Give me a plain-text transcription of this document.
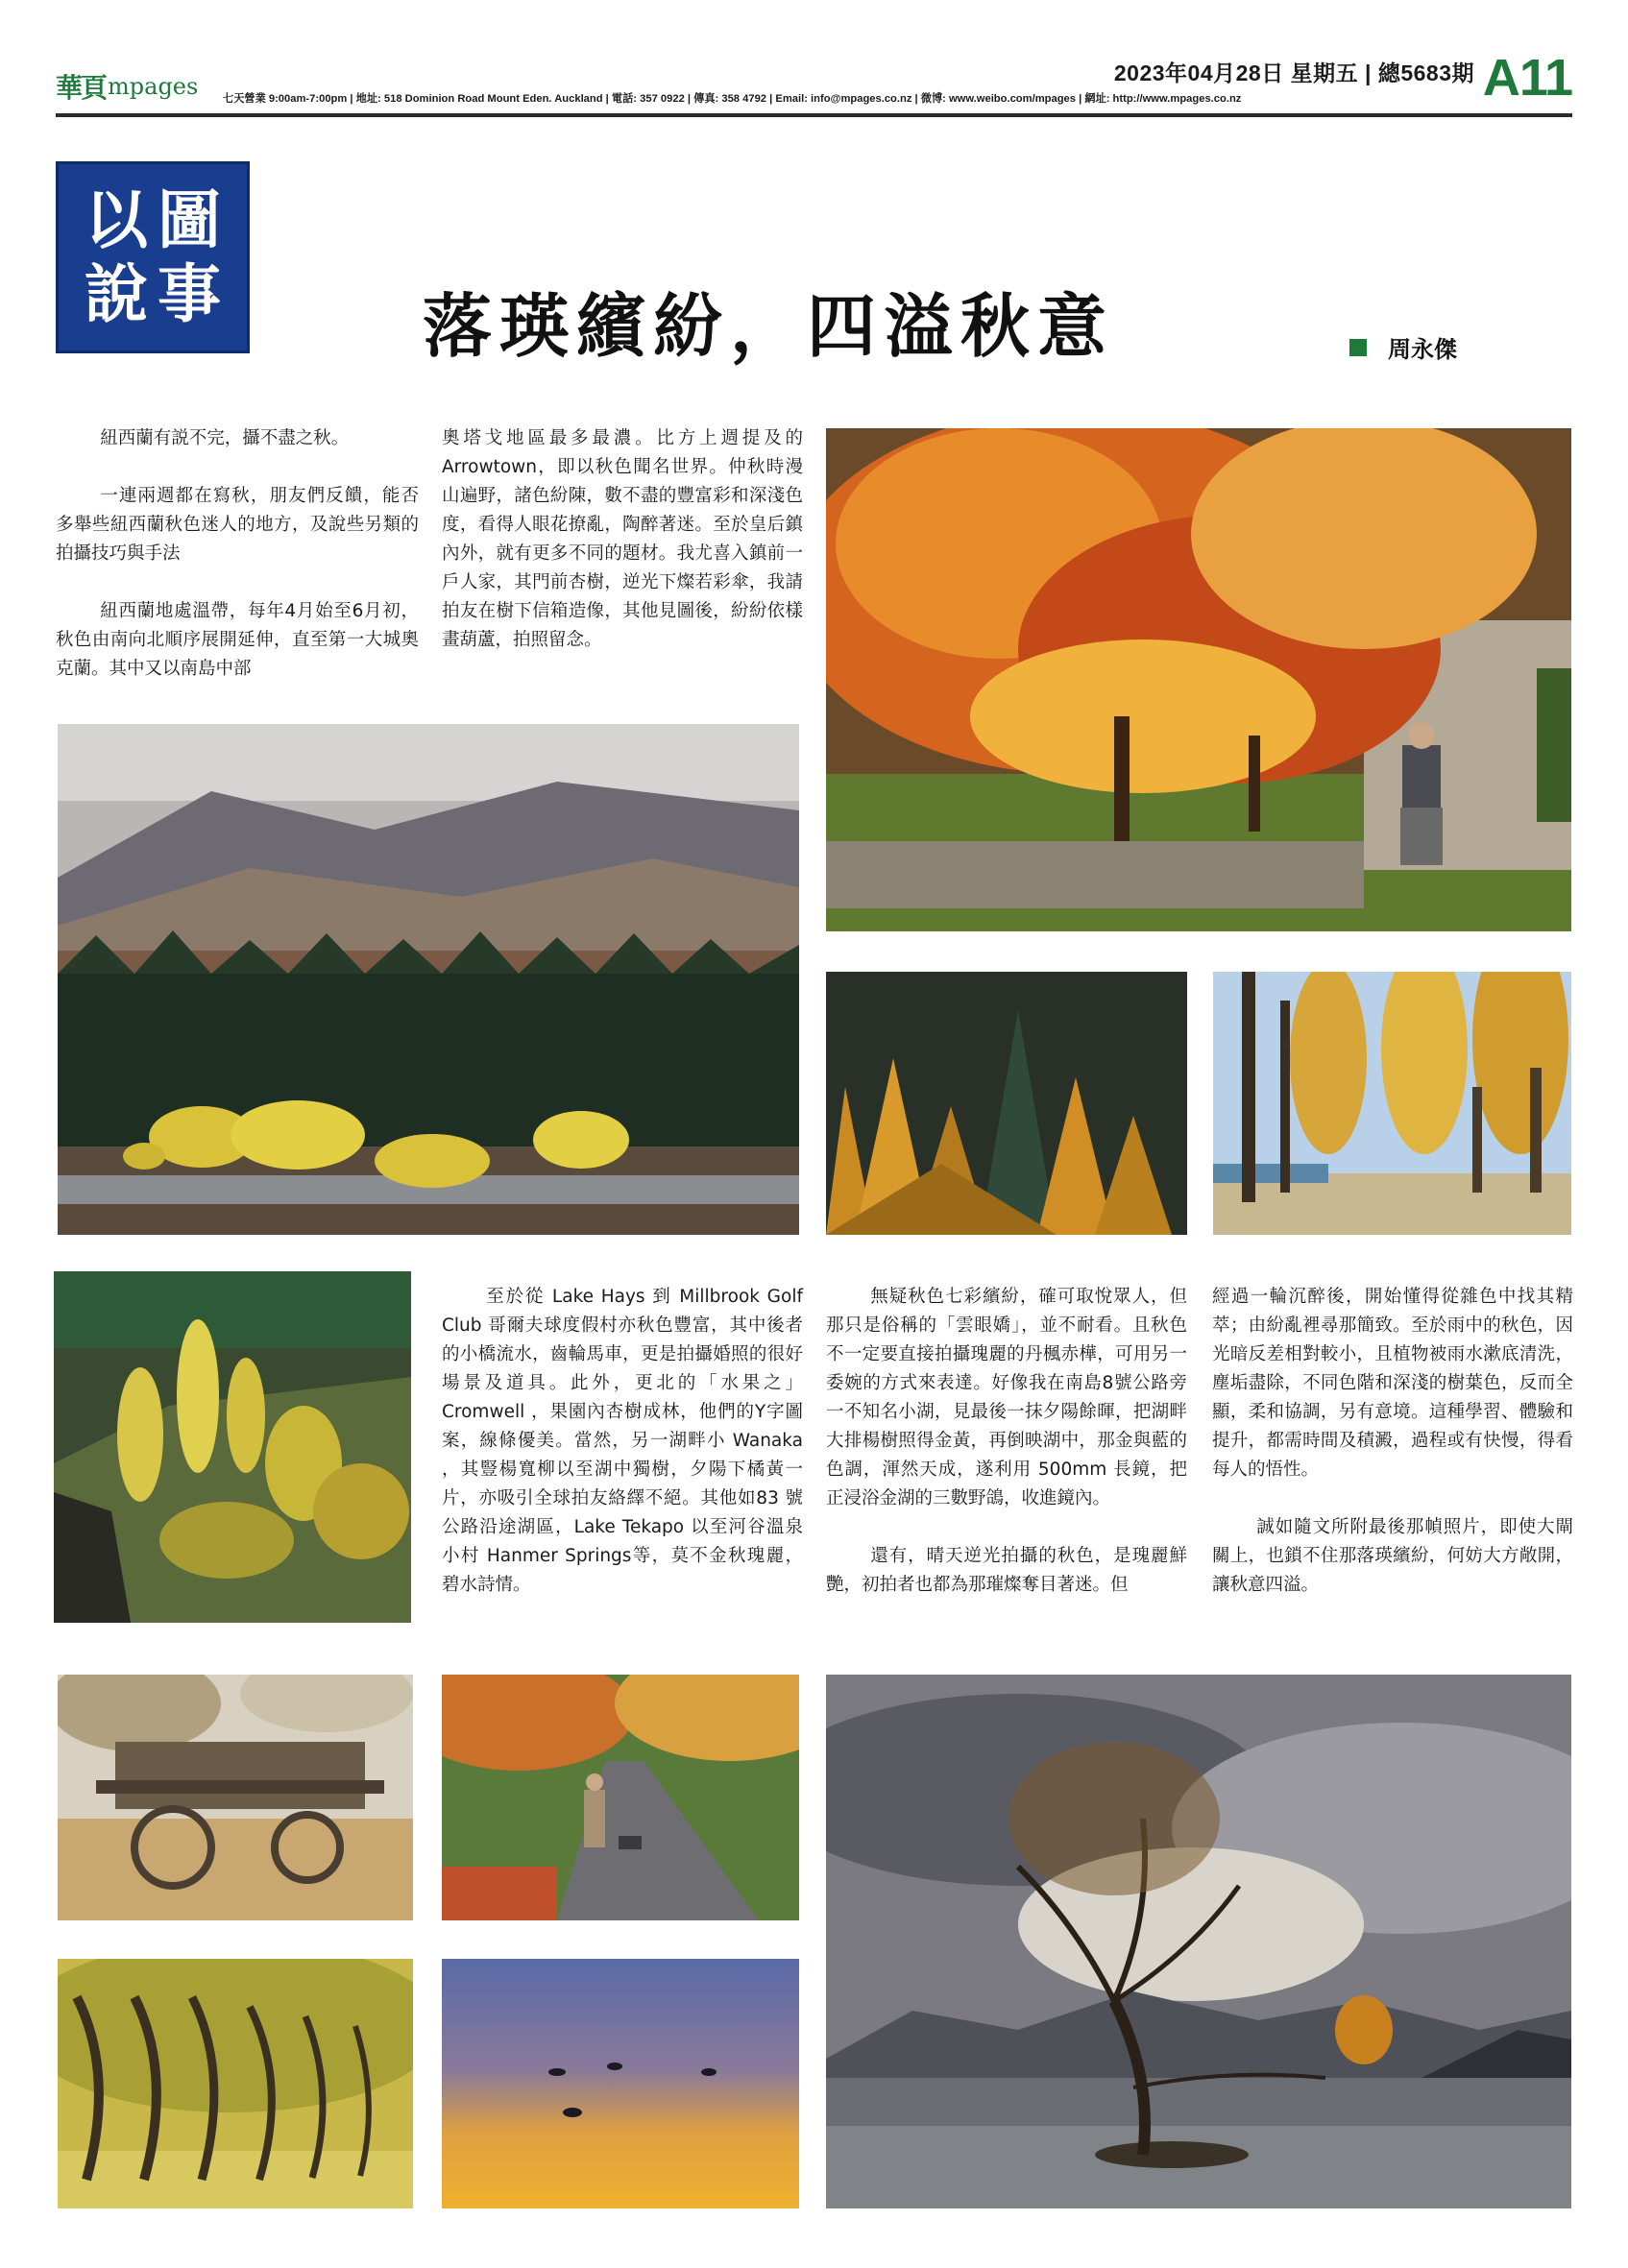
華頁 mpages 七天營業 9:00am-7:00pm | 地址: 518 Dominion Road Mount Eden. Auckland | 電話: 357 0922 | 傳真: 358 4792 | Email: info@mpages.co.nz | 微博: www.weibo.com/mpages | 網址: http://www.mpages.co.nz
2023年04月28日 星期五 | 總5683期 A11
以 圖
說 事	落瑛繽紛，四溢秋意	周永傑

紐西蘭有説不完，攝不盡之秋。

一連兩週都在寫秋，朋友們反饋，能否多舉些紐西蘭秋色迷人的地方，及說些另類的拍攝技巧與手法

紐西蘭地處溫帶，每年4月始至6月初，秋色由南向北順序展開延伸，直至第一大城奧克蘭。其中又以南島中部

奧塔戈地區最多最濃。比方上週提及的Arrowtown，即以秋色聞名世界。仲秋時漫山遍野，諸色紛陳，數不盡的豐富彩和深淺色度，看得人眼花撩亂，陶醉著迷。至於皇后鎮內外，就有更多不同的題材。我尤喜入鎮前一戶人家，其門前杏樹，逆光下燦若彩傘，我請拍友在樹下信箱造像，其他見圖後，紛紛依樣畫葫蘆，拍照留念。

至於從 Lake Hays 到 Millbrook Golf Club 哥爾夫球度假村亦秋色豐富，其中後者的小橋流水，齒輪馬車，更是拍攝婚照的很好場景及道具。此外，更北的「水果之」Cromwell ，果園內杏樹成林，他們的Y字圖案，線條優美。當然，另一湖畔小 Wanaka ，其豎楊寬柳以至湖中獨樹，夕陽下橘黃一片，亦吸引全球拍友絡繹不絕。其他如83 號公路沿途湖區，Lake Tekapo 以至河谷溫泉小村 Hanmer Springs等，莫不金秋瑰麗，碧水詩情。

無疑秋色七彩繽紛，確可取悅眾人，但那只是俗稱的「雲眼嬌」，並不耐看。且秋色不一定要直接拍攝瑰麗的丹楓赤樺，可用另一委婉的方式來表達。好像我在南島8號公路旁一不知名小湖，見最後一抹夕陽餘暉，把湖畔大排楊樹照得金黃，再倒映湖中，那金與藍的色調，渾然天成，遂利用 500mm 長鏡，把正浸浴金湖的三數野鴿，收進鏡內。

還有，晴天逆光拍攝的秋色，是瑰麗鮮艷，初拍者也都為那璀燦奪目著迷。但

經過一輪沉醉後，開始懂得從雜色中找其精萃；由紛亂裡尋那簡致。至於雨中的秋色，因光暗反差相對較小，且植物被雨水漱底清洗，塵垢盡除，不同色階和深淺的樹葉色，反而全顯，柔和協調，另有意境。這種學習、體驗和提升，都需時間及積澱，過程或有快慢，得看每人的悟性。

誠如隨文所附最後那幀照片，即使大閘關上，也鎖不住那落瑛繽紛，何妨大方敞開，讓秋意四溢。
